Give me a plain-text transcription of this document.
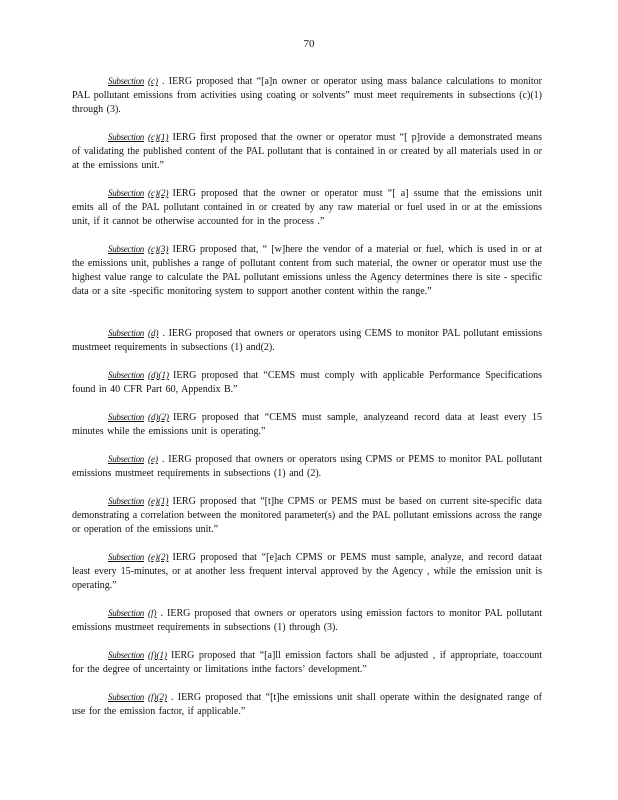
70

Subsection (c) . IERG proposed that “[a]n owner or operator using mass balance calculations to monitor PAL pollutant emissions from activities using coating or solvents” must meet requirements in subsections (c)(1) through (3).

Subsection (c)(1) IERG first proposed that the owner or operator must “[ p]rovide a demonstrated means of validating the published content of the PAL pollutant that is contained in or created by all materials used in or at the emissions unit.”

Subsection (c)(2) IERG proposed that the owner or operator must “[ a] ssume that the emissions unit emits all of the PAL pollutant contained in or created by any raw material or fuel used in or at the emissions unit, if it cannot be otherwise accounted for in the process .”

Subsection (c)(3) IERG proposed that, “ [w]here the vendor of a material or fuel, which is used in or at the emissions unit, publishes a range of pollutant content from such material, the owner or operator must use the highest value range to calculate the PAL pollutant emissions unless the Agency determines there is site - specific data or a site -specific monitoring system to support another content within the range.”

Subsection (d) . IERG proposed that owners or operators using CEMS to monitor PAL pollutant emissions mustmeet requirements in subsections (1) and(2).

Subsection (d)(1) IERG proposed that “CEMS must comply with applicable Performance Specifications found in 40 CFR Part 60, Appendix B.”

Subsection (d)(2) IERG proposed that “CEMS must sample, analyzeand record data at least every 15 minutes while the emissions unit is operating.”

Subsection (e) . IERG proposed that owners or operators using CPMS or PEMS to monitor PAL pollutant emissions mustmeet requirements in subsections (1) and (2).

Subsection (e)(1) IERG proposed that “[t]he CPMS or PEMS must be based on current site-specific data demonstrating a correlation between the monitored parameter(s) and the PAL pollutant emissions across the range or operation of the emissions unit.”

Subsection (e)(2) IERG proposed that “[e]ach CPMS or PEMS must sample, analyze, and record dataat least every 15-minutes, or at another less frequent interval approved by the Agency , while the emission unit is operating.”

Subsection (f) . IERG proposed that owners or operators using emission factors to monitor PAL pollutant emissions mustmeet requirements in subsections (1) through (3).

Subsection (f)(1) IERG proposed that “[a]ll emission factors shall be adjusted , if appropriate, toaccount for the degree of uncertainty or limitations inthe factors’ development.”

Subsection (f)(2) . IERG proposed that “[t]he emissions unit shall operate within the designated range of use for the emission factor, if applicable.”
